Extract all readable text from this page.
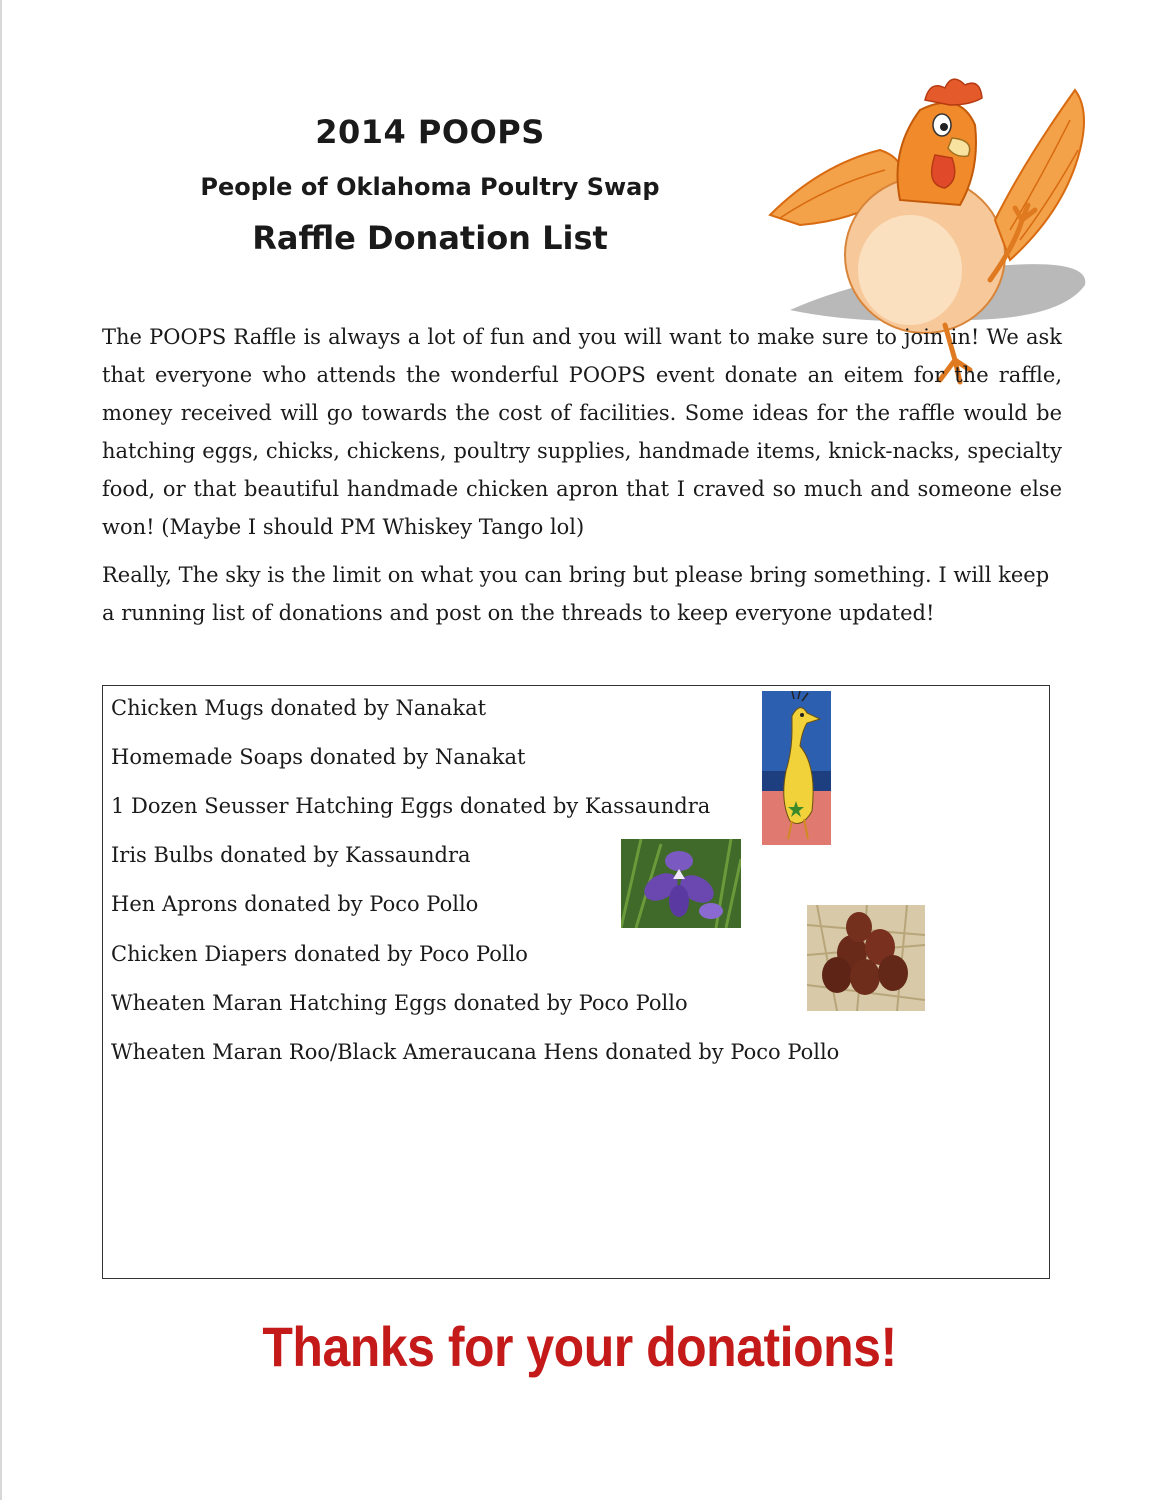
2014 POOPS
People of Oklahoma Poultry Swap
Raffle Donation List

The POOPS Raffle is always a lot of fun and you will want to make sure to join in! We ask that everyone who attends the wonderful POOPS event donate an eitem for the raffle, money received will go towards the cost of facilities. Some ideas for the raffle would be hatching eggs, chicks, chickens, poultry supplies, handmade items, knick-nacks, specialty food, or that beautiful handmade chicken apron that I craved so much and someone else won! (Maybe I should PM Whiskey Tango lol)

Really, The sky is the limit on what you can bring but please bring something. I will keep a running list of donations and post on the threads to keep everyone updated!

Chicken Mugs donated by Nanakat
Homemade Soaps donated by Nanakat
1 Dozen Seusser Hatching Eggs donated by Kassaundra
Iris Bulbs donated by Kassaundra
Hen Aprons donated by Poco Pollo
Chicken Diapers donated by Poco Pollo
Wheaten Maran Hatching Eggs donated by Poco Pollo
Wheaten Maran Roo/Black Ameraucana Hens donated by Poco Pollo
Thanks for your donations!
